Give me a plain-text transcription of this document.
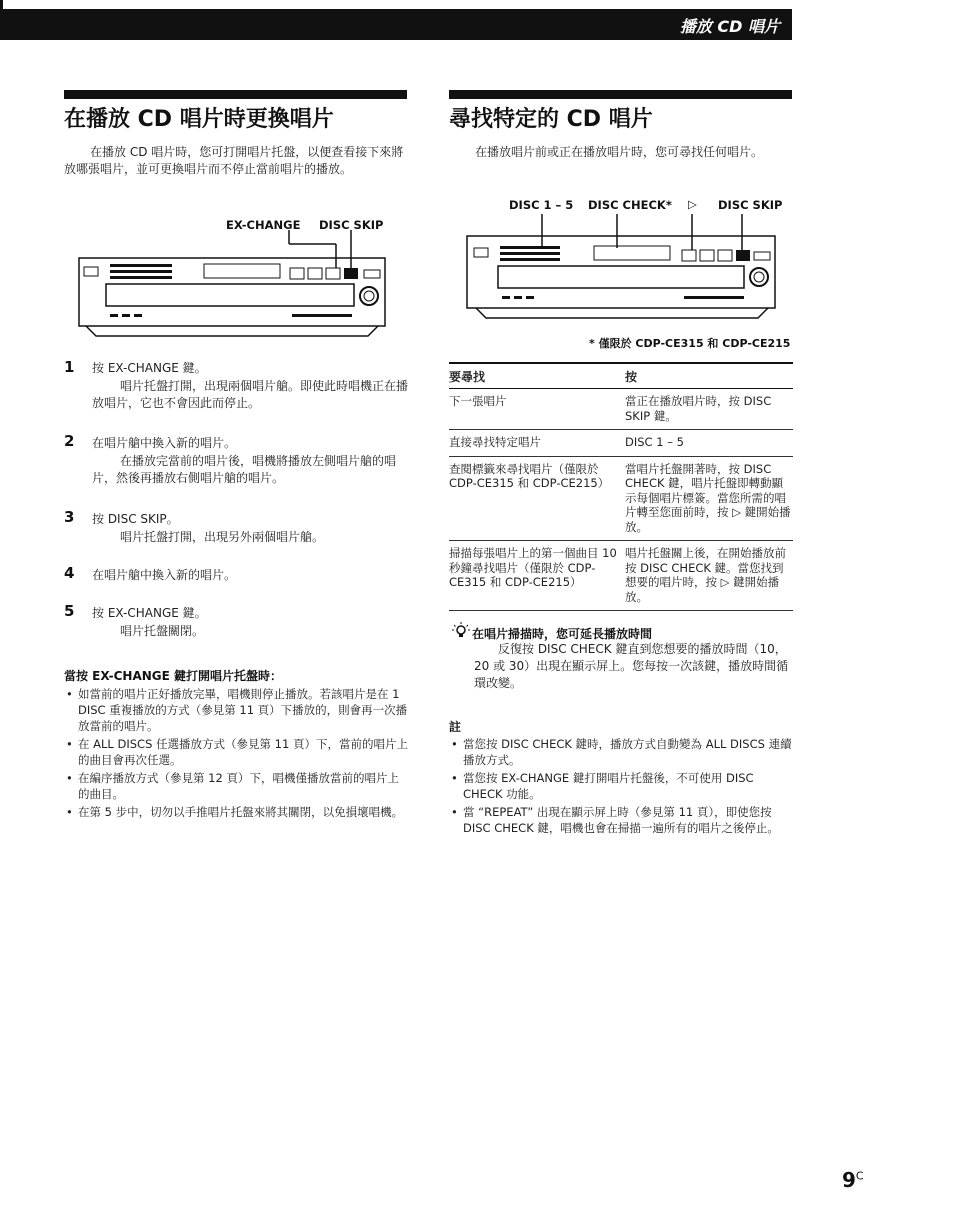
播放 CD 唱片
在播放 CD 唱片時更換唱片
在播放 CD 唱片時，您可打開唱片托盤，以便查看接下來將放哪張唱片，並可更換唱片而不停止當前唱片的播放。
EX-CHANGE DISC SKIP
1 按 EX-CHANGE 鍵。
唱片托盤打開，出現兩個唱片艙。即使此時唱機正在播放唱片，它也不會因此而停止。
2 在唱片艙中換入新的唱片。
在播放完當前的唱片後，唱機將播放左側唱片艙的唱片，然後再播放右側唱片艙的唱片。
3 按 DISC SKIP。
唱片托盤打開，出現另外兩個唱片艙。
4 在唱片艙中換入新的唱片。
5 按 EX-CHANGE 鍵。
唱片托盤關閉。
當按 EX-CHANGE 鍵打開唱片托盤時：
• 如當前的唱片正好播放完畢，唱機則停止播放。若該唱片是在 1 DISC 重複播放的方式（參見第 11 頁）下播放的，則會再一次播放當前的唱片。
• 在 ALL DISCS 任選播放方式（參見第 11 頁）下，當前的唱片上的曲目會再次任選。
• 在編序播放方式（參見第 12 頁）下，唱機僅播放當前的唱片上的曲目。
• 在第 5 步中，切勿以手推唱片托盤來將其關閉，以免損壞唱機。
尋找特定的 CD 唱片
在播放唱片前或正在播放唱片時，您可尋找任何唱片。
DISC 1 – 5 DISC CHECK* ▷ DISC SKIP
* 僅限於 CDP-CE315 和 CDP-CE215
要尋找	按
下一張唱片	當正在播放唱片時，按 DISC SKIP 鍵。
直接尋找特定唱片	DISC 1 – 5
查閱標籤來尋找唱片（僅限於 CDP-CE315 和 CDP-CE215）	當唱片托盤開著時，按 DISC CHECK 鍵，唱片托盤即轉動顯示每個唱片標簽。當您所需的唱片轉至您面前時，按 ▷ 鍵開始播放。
掃描每張唱片上的第一個曲目 10 秒鐘尋找唱片（僅限於 CDP-CE315 和 CDP-CE215）	唱片托盤關上後，在開始播放前按 DISC CHECK 鍵。當您找到想要的唱片時，按 ▷ 鍵開始播放。
在唱片掃描時，您可延長播放時間
反復按 DISC CHECK 鍵直到您想要的播放時間（10，20 或 30）出現在顯示屏上。您每按一次該鍵，播放時間循環改變。
註
• 當您按 DISC CHECK 鍵時，播放方式自動變為 ALL DISCS 連續播放方式。
• 當您按 EX-CHANGE 鍵打開唱片托盤後，不可使用 DISC CHECK 功能。
• 當 “REPEAT” 出現在顯示屏上時（參見第 11 頁），即使您按 DISC CHECK 鍵，唱機也會在掃描一遍所有的唱片之後停止。
$9^C$
